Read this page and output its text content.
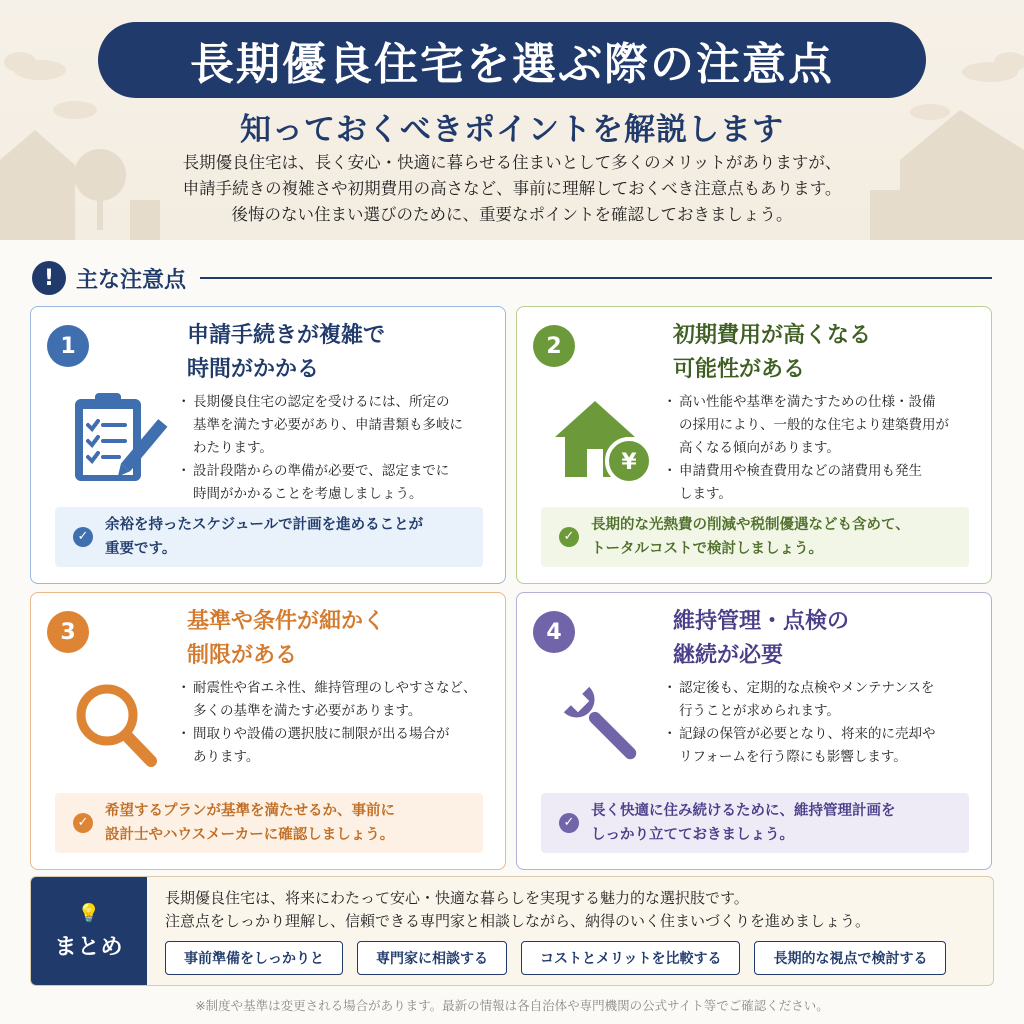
長期優良住宅を選ぶ際の注意点
知っておくべきポイントを解説します
長期優良住宅は、長く安心・快適に暮らせる住まいとして多くのメリットがありますが、
申請手続きの複雑さや初期費用の高さなど、事前に理解しておくべき注意点もあります。
後悔のない住まい選びのために、重要なポイントを確認しておきましょう。
! 主な注意点
1	申請手続きが複雑で
時間がかかる
・ 長期優良住宅の認定を受けるには、所定の
基準を満たす必要があり、申請書類も多岐に
わたります。
・ 設計段階からの準備が必要で、認定までに
時間がかかることを考慮しましょう。
✓
余裕を持ったスケジュールで計画を進めることが
重要です。
2	初期費用が高くなる
可能性がある
¥
・ 高い性能や基準を満たすための仕様・設備
の採用により、一般的な住宅より建築費用が
高くなる傾向があります。
・ 申請費用や検査費用などの諸費用も発生
します。
✓
長期的な光熱費の削減や税制優遇なども含めて、
トータルコストで検討しましょう。
3	基準や条件が細かく
制限がある
・ 耐震性や省エネ性、維持管理のしやすさなど、
多くの基準を満たす必要があります。
・ 間取りや設備の選択肢に制限が出る場合が
あります。
✓
希望するプランが基準を満たせるか、事前に
設計士やハウスメーカーに確認しましょう。
4	維持管理・点検の
継続が必要
・ 認定後も、定期的な点検やメンテナンスを
行うことが求められます。
・ 記録の保管が必要となり、将来的に売却や
リフォームを行う際にも影響します。
✓
長く快適に住み続けるために、維持管理計画を
しっかり立てておきましょう。
💡
まとめ
長期優良住宅は、将来にわたって安心・快適な暮らしを実現する魅力的な選択肢です。
注意点をしっかり理解し、信頼できる専門家と相談しながら、納得のいく住まいづくりを進めましょう。
事前準備をしっかりと	専門家に相談する	コストとメリットを比較する	長期的な視点で検討する
※制度や基準は変更される場合があります。最新の情報は各自治体や専門機関の公式サイト等でご確認ください。
